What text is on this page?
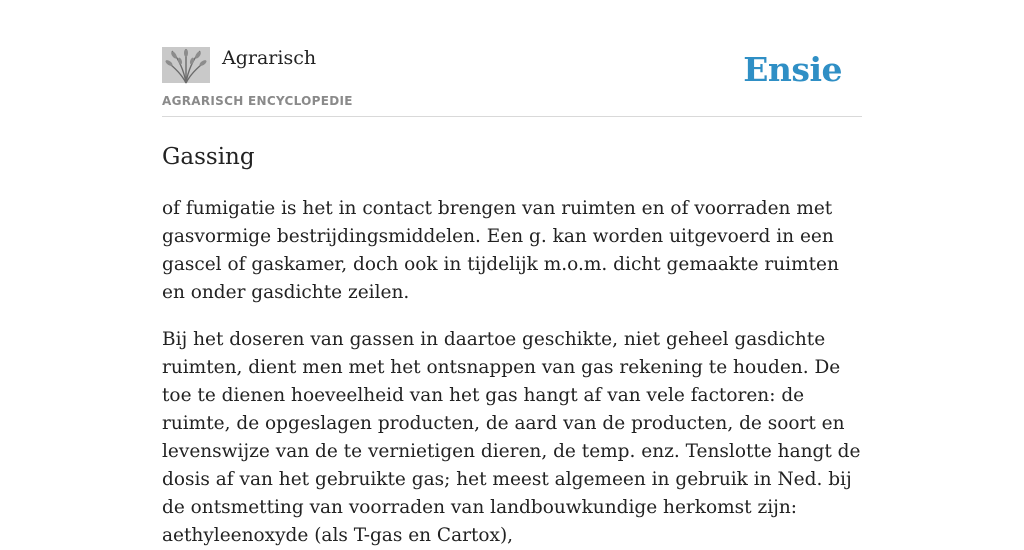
Agrarisch
AGRARISCH ENCYCLOPEDIE
Ensie
Gassing

of fumigatie is het in contact brengen van ruimten en of voorraden met gasvormige bestrijdingsmiddelen. Een g. kan worden uitgevoerd in een gascel of gaskamer, doch ook in tijdelijk m.o.m. dicht gemaakte ruimten en onder gasdichte zeilen.

Bij het doseren van gassen in daartoe geschikte, niet geheel gasdichte ruimten, dient men met het ontsnappen van gas rekening te houden. De toe te dienen hoeveelheid van het gas hangt af van vele factoren: de ruimte, de opgeslagen producten, de aard van de producten, de soort en levenswijze van de te vernietigen dieren, de temp. enz. Tenslotte hangt de dosis af van het gebruikte gas; het meest algemeen in gebruik in Ned. bij de ontsmetting van voorraden van landbouwkundige herkomst zijn: aethyleenoxyde (als T-gas en Cartox),
